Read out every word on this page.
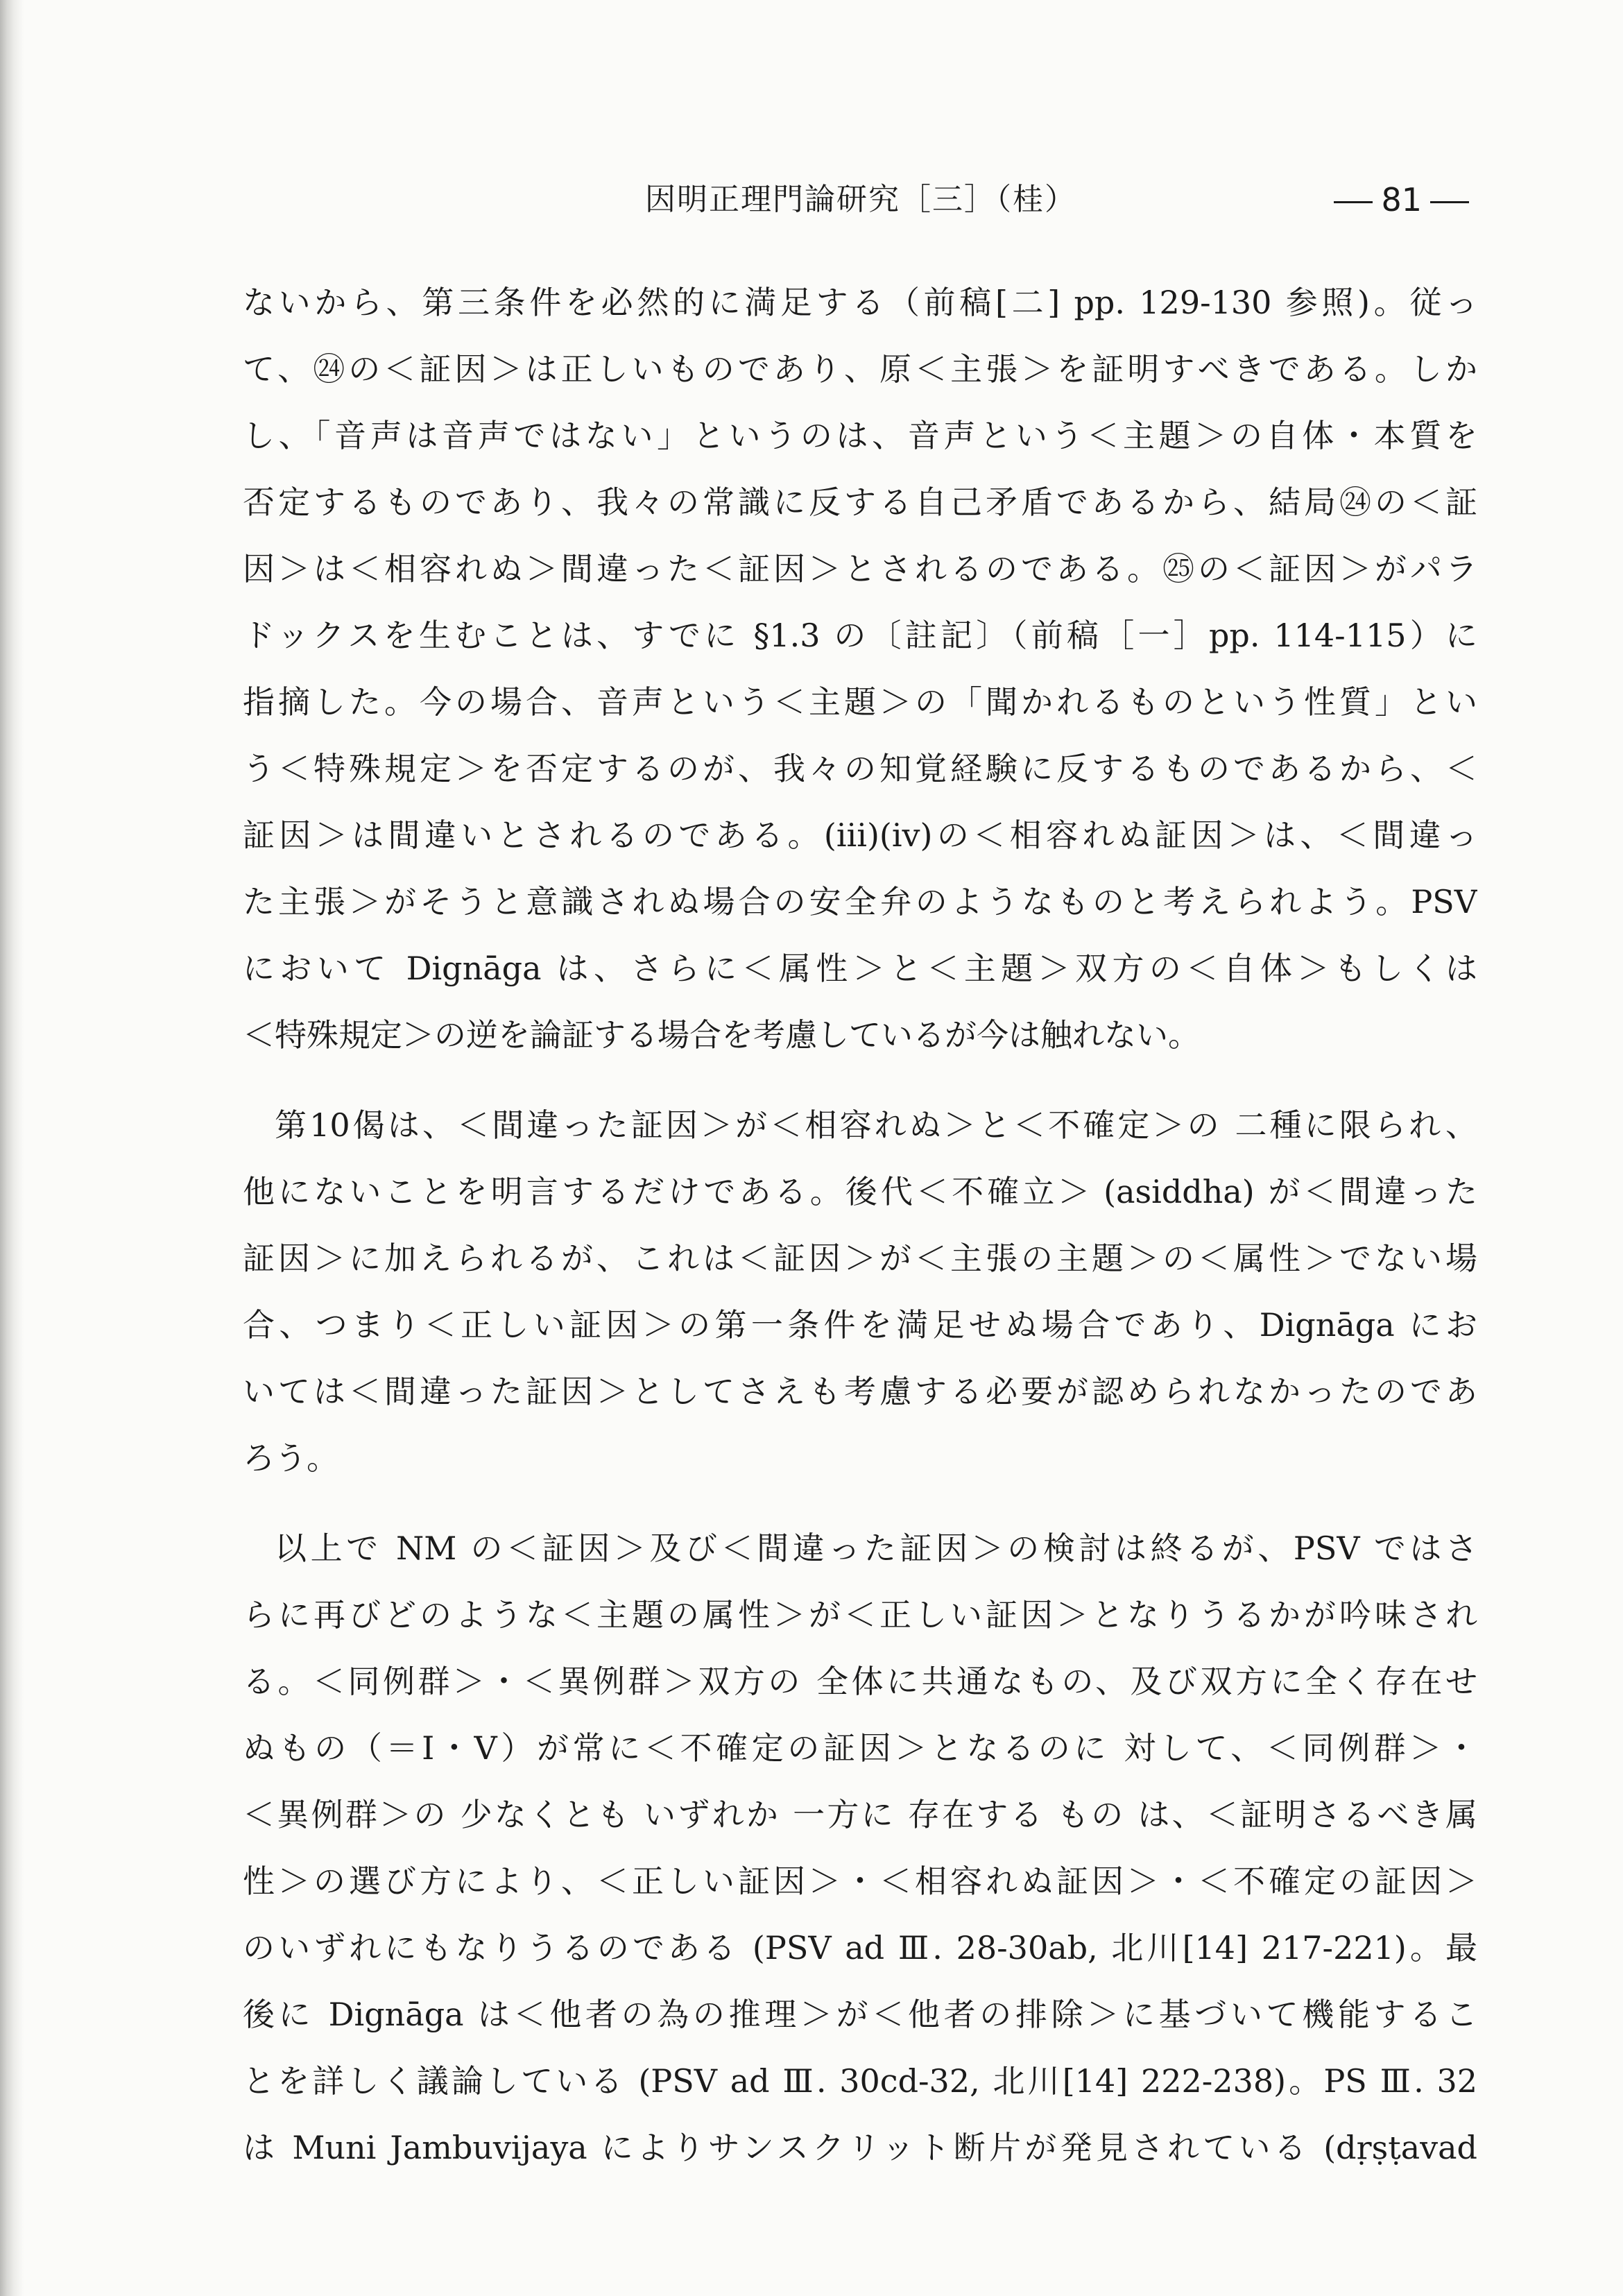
因明正理門論研究［三］（桂）	81
ないから、第三条件を必然的に満足する（前稿[二] pp. 129-130 参照)。従っ
て、㉔の＜証因＞は正しいものであり、原＜主張＞を証明すべきである。しか
し、「音声は音声ではない」というのは、音声という＜主題＞の自体・本質を
否定するものであり、我々の常識に反する自己矛盾であるから、結局㉔の＜証
因＞は＜相容れぬ＞間違った＜証因＞とされるのである。㉕の＜証因＞がパラ
ドックスを生むことは、すでに §1.3 の〔註記〕（前稿［一］pp. 114-115）に
指摘した。今の場合、音声という＜主題＞の「聞かれるものという性質」とい
う＜特殊規定＞を否定するのが、我々の知覚経験に反するものであるから、＜
証因＞は間違いとされるのである。(iii)(iv)の＜相容れぬ証因＞は、＜間違っ
た主張＞がそうと意識されぬ場合の安全弁のようなものと考えられよう。PSV
において Dignāga は、さらに＜属性＞と＜主題＞双方の＜自体＞もしくは
＜特殊規定＞の逆を論証する場合を考慮しているが今は触れない。
第10偈は、＜間違った証因＞が＜相容れぬ＞と＜不確定＞の 二種に限られ、
他にないことを明言するだけである。後代＜不確立＞ (asiddha) が＜間違った
証因＞に加えられるが、これは＜証因＞が＜主張の主題＞の＜属性＞でない場
合、つまり＜正しい証因＞の第一条件を満足せぬ場合であり、Dignāga にお
いては＜間違った証因＞としてさえも考慮する必要が認められなかったのであ
ろう。
以上で NM の＜証因＞及び＜間違った証因＞の検討は終るが、PSV ではさ
らに再びどのような＜主題の属性＞が＜正しい証因＞となりうるかが吟味され
る。＜同例群＞・＜異例群＞双方の 全体に共通なもの、及び双方に全く存在せ
ぬもの（＝Ⅰ・Ⅴ）が常に＜不確定の証因＞となるのに 対して、＜同例群＞・
＜異例群＞の 少なくとも いずれか 一方に 存在する もの は、＜証明さるべき属
性＞の選び方により、＜正しい証因＞・＜相容れぬ証因＞・＜不確定の証因＞
のいずれにもなりうるのである (PSV ad Ⅲ. 28-30ab, 北川[14] 217-221)。最
後に Dignāga は＜他者の為の推理＞が＜他者の排除＞に基づいて機能するこ
とを詳しく議論している (PSV ad Ⅲ. 30cd-32, 北川[14] 222-238)。PS Ⅲ. 32
は Muni Jambuvijaya によりサンスクリット断片が発見されている (dṛṣṭavad
